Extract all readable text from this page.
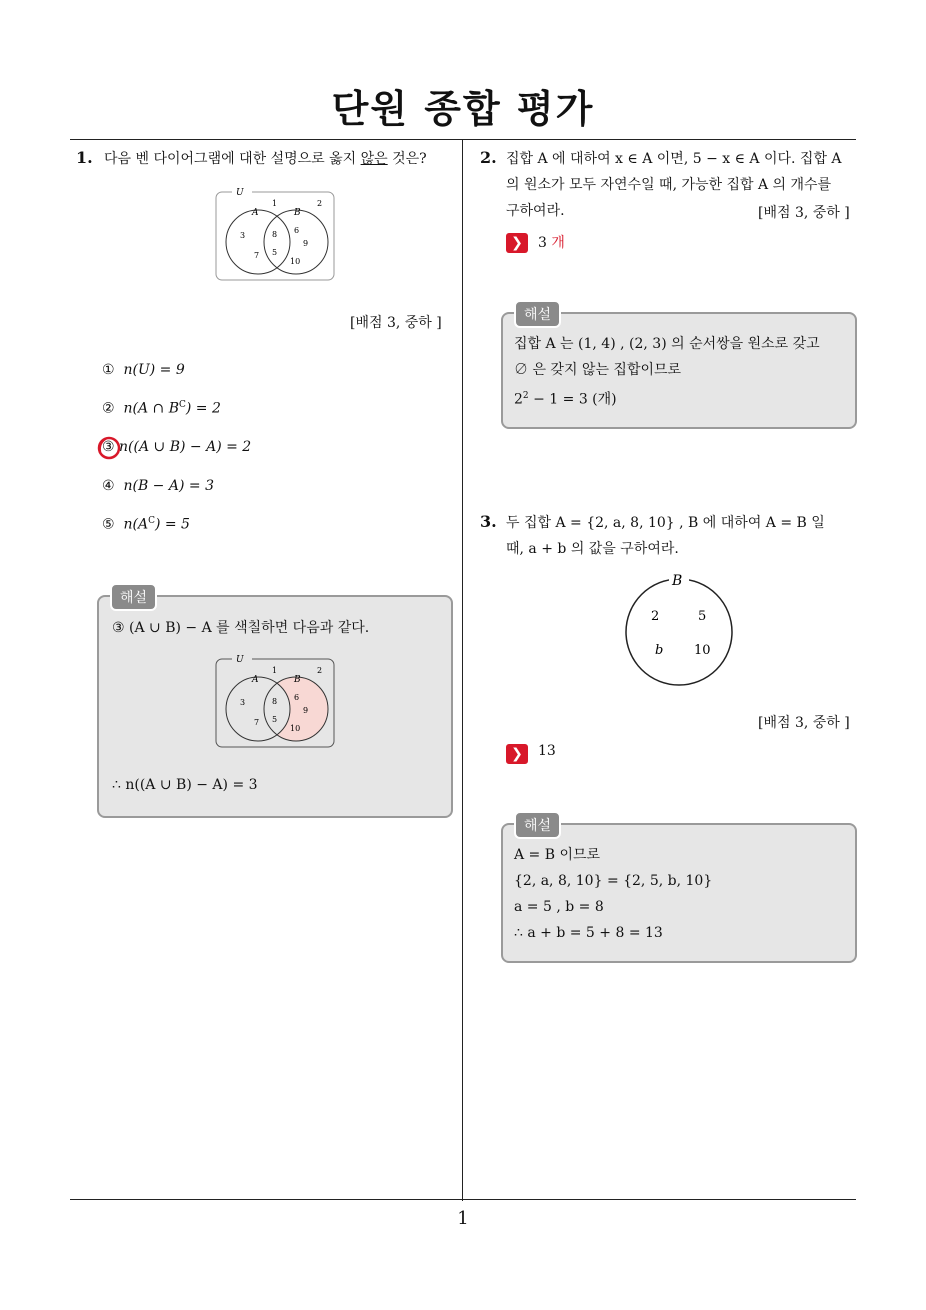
단원 종합 평가
1
1. 다음 벤 다이어그램에 대한 설명으로 옳지 않은 것은?
U
A	B
1	2
3
7
8
5
6
9
10
[배점 3, 중하 ]
① n(U) = 9
② n(A ∩ $B^C) = 2$
③ n((A ∪ B) − A) = 2
④ n(B − A) = 3
⑤ $n(A^C) = 5$
해설
③ (A ∪ B) − A 를 색칠하면 다음과 같다.
U
A	B
1	2
3
7
8
5
6
9
10
∴ n((A ∪ B) − A) = 3
2. 집합 A 에 대하여 x ∈ A 이면, 5 − x ∈ A 이다. 집합 A
의 원소가 모두 자연수일 때, 가능한 집합 A 의 개수를
구하여라.	[배점 3, 중하 ]
❯	3 개
해설
집합 A 는 (1, 4) , (2, 3) 의 순서쌍을 원소로 갖고
∅ 은 갖지 않는 집합이므로
$2^2 - 1 = 3$ (개)
3. 두 집합 A = {2, a, 8, 10} , B 에 대하여 A = B 일
때, a + b 의 값을 구하여라.
B
2	5
b 10
[배점 3, 중하 ]
❯	13
해설
A = B 이므로
{2, a, 8, 10} = {2, 5, b, 10}
a = 5 , b = 8
∴ a + b = 5 + 8 = 13
